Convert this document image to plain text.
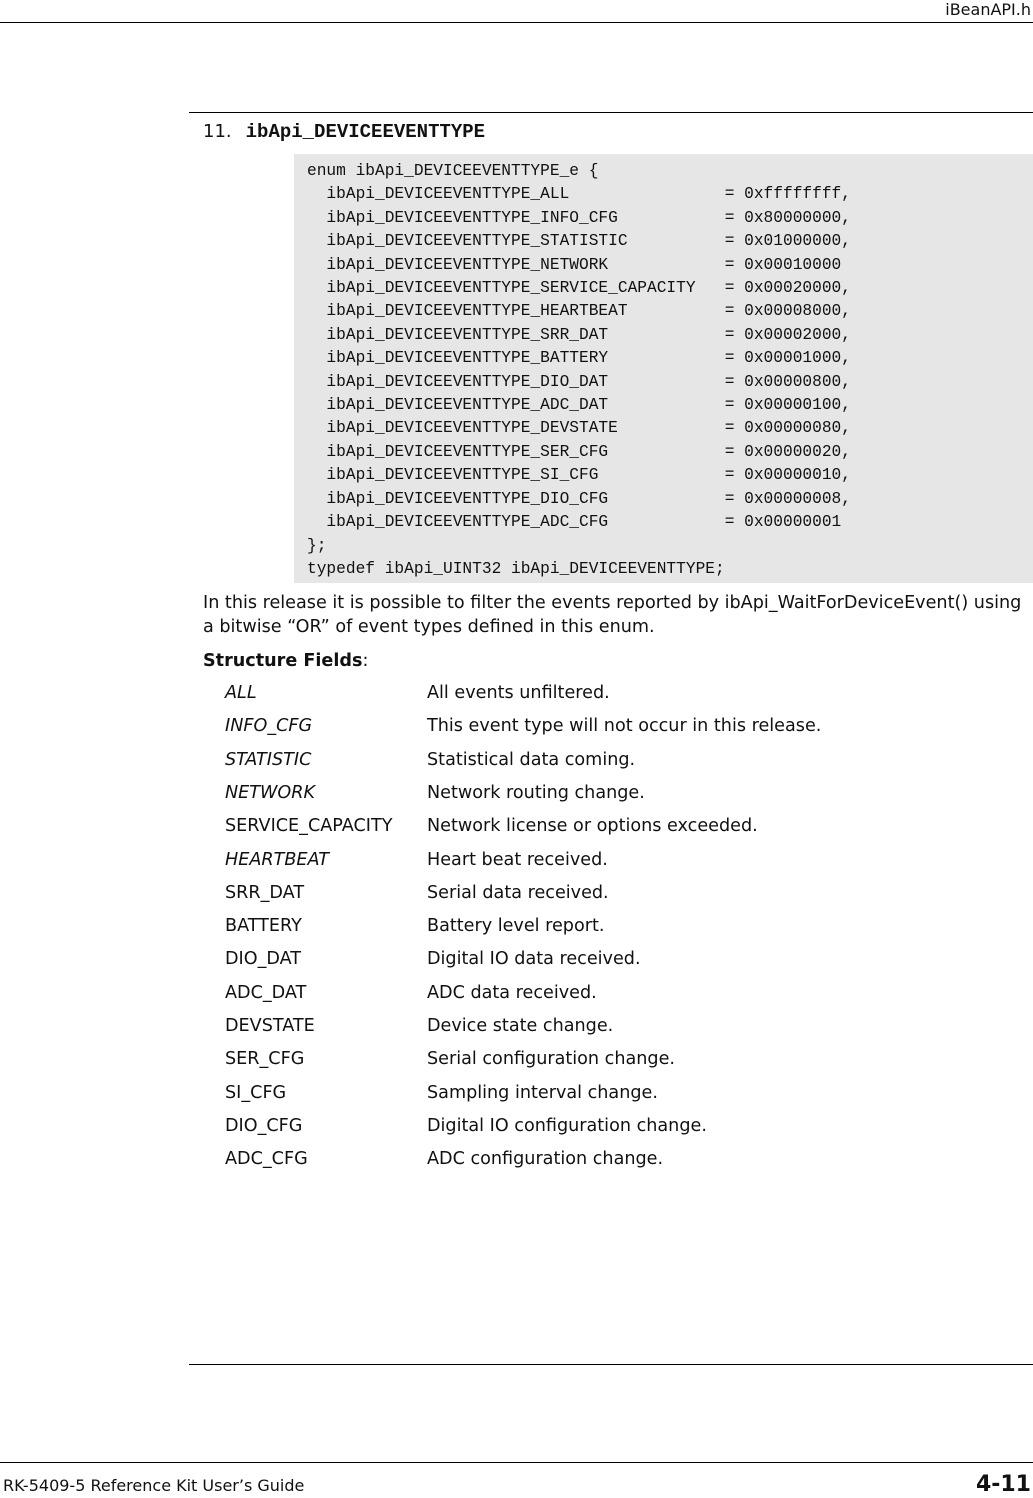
iBeanAPI.h
11. ibApi_DEVICEEVENTTYPE
enum ibApi_DEVICEEVENTTYPE_e {
ibApi_DEVICEEVENTTYPE_ALL                = 0xffffffff,
ibApi_DEVICEEVENTTYPE_INFO_CFG           = 0x80000000,
ibApi_DEVICEEVENTTYPE_STATISTIC          = 0x01000000,
ibApi_DEVICEEVENTTYPE_NETWORK            = 0x00010000
ibApi_DEVICEEVENTTYPE_SERVICE_CAPACITY   = 0x00020000,
ibApi_DEVICEEVENTTYPE_HEARTBEAT          = 0x00008000,
ibApi_DEVICEEVENTTYPE_SRR_DAT            = 0x00002000,
ibApi_DEVICEEVENTTYPE_BATTERY            = 0x00001000,
ibApi_DEVICEEVENTTYPE_DIO_DAT            = 0x00000800,
ibApi_DEVICEEVENTTYPE_ADC_DAT            = 0x00000100,
ibApi_DEVICEEVENTTYPE_DEVSTATE           = 0x00000080,
ibApi_DEVICEEVENTTYPE_SER_CFG            = 0x00000020,
ibApi_DEVICEEVENTTYPE_SI_CFG             = 0x00000010,
ibApi_DEVICEEVENTTYPE_DIO_CFG            = 0x00000008,
ibApi_DEVICEEVENTTYPE_ADC_CFG            = 0x00000001
};
typedef ibApi_UINT32 ibApi_DEVICEEVENTTYPE;

In this release it is possible to filter the events reported by ibApi_WaitForDeviceEvent() using a bitwise “OR” of event types defined in this enum.

Structure Fields:
ALL	All events unfiltered.
INFO_CFG	This event type will not occur in this release.
STATISTIC	Statistical data coming.
NETWORK	Network routing change.
SERVICE_CAPACITY Network license or options exceeded.
HEARTBEAT	Heart beat received.
SRR_DAT	Serial data received.
BATTERY	Battery level report.
DIO_DAT	Digital IO data received.
ADC_DAT	ADC data received.
DEVSTATE	Device state change.
SER_CFG	Serial configuration change.
SI_CFG	Sampling interval change.
DIO_CFG	Digital IO configuration change.
ADC_CFG	ADC configuration change.
RK-5409-5 Reference Kit User’s Guide	4-11
